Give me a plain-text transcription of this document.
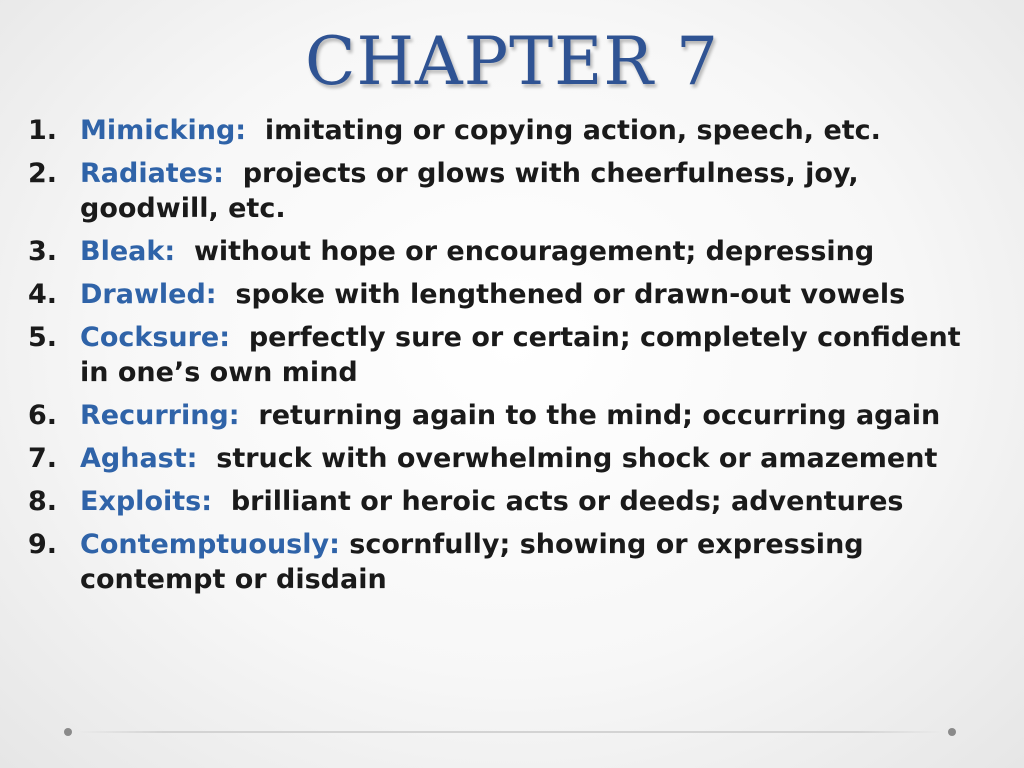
CHAPTER 7
1. Mimicking: imitating or copying action, speech, etc.
2. Radiates: projects or glows with cheerfulness, joy, goodwill, etc.
3. Bleak: without hope or encouragement; depressing
4. Drawled: spoke with lengthened or drawn-out vowels
5. Cocksure: perfectly sure or certain; completely confident in one’s own mind
6. Recurring: returning again to the mind; occurring again
7. Aghast: struck with overwhelming shock or amazement
8. Exploits: brilliant or heroic acts or deeds; adventures
9. Contemptuously: scornfully; showing or expressing contempt or disdain
